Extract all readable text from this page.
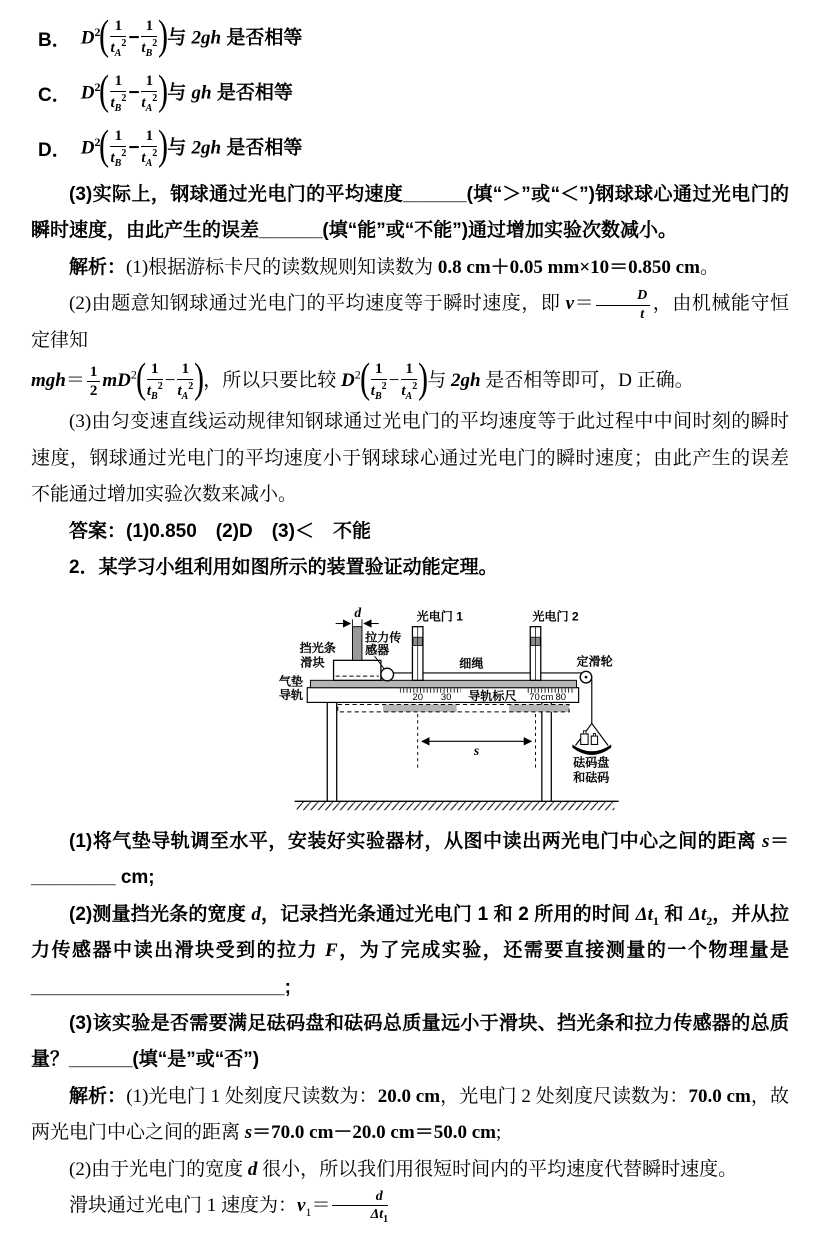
B． $D^2( \frac{1}{t_A^2} - \frac{1}{t_B^2}$ )与 2gh 是否相等
C． $D^2( \frac{1}{t_B^2} - \frac{1}{t_A^2}$ )与 gh 是否相等
D． $D^2( \frac{1}{t_B^2} - \frac{1}{t_A^2}$ )与 2gh 是否相等

(3)实际上，钢球通过光电门的平均速度______(填“＞”或“＜”)钢球球心通过光电门的瞬时速度，由此产生的误差______(填“能”或“不能”)通过增加实验次数减小。

解析：(1)根据游标卡尺的读数规则知读数为 0.8 cm＋0.05 mm×10＝0.850 cm。

(2)由题意知钢球通过光电门的平均速度等于瞬时速度，即 $v= \frac{D}{t}$ ，由机械能守恒定律知

$mgh= \frac{1}{2} mD^2( \frac{1}{t_B^2} - \frac{1}{t_A^2}$ )，所以只要比较 $D^2( \frac{1}{t_B^2} - \frac{1}{t_A^2}$ )与 2gh 是否相等即可，D 正确。

(3)由匀变速直线运动规律知钢球通过光电门的平均速度等于此过程中中间时刻的瞬时速度，钢球通过光电门的平均速度小于钢球球心通过光电门的瞬时速度；由此产生的误差不能通过增加实验次数来减小。

答案：(1)0.850　(2)D　(3)＜　不能

2．某学习小组利用如图所示的装置验证动能定理。

20 30 导轨标尺 70 cm 80
d
拉力传
感器
细绳	定滑轮
光电门 1	光电门 2
挡光条
滑块
气垫
导轨
s
砝码盘
和砝码

(1)将气垫导轨调至水平，安装好实验器材，从图中读出两光电门中心之间的距离 s＝________ cm;

(2)测量挡光条的宽度 d，记录挡光条通过光电门 1 和 2 所用的时间 $\Delta t_1$ 和 $\Delta t_2$，并从拉力传感器中读出滑块受到的拉力 F，为了完成实验，还需要直接测量的一个物理量是________________________;

(3)该实验是否需要满足砝码盘和砝码总质量远小于滑块、挡光条和拉力传感器的总质量？______(填“是”或“否”)

解析：(1)光电门 1 处刻度尺读数为：20.0 cm，光电门 2 处刻度尺读数为：70.0 cm，故两光电门中心之间的距离 s＝70.0 cm－20.0 cm＝50.0 cm;

(2)由于光电门的宽度 d 很小，所以我们用很短时间内的平均速度代替瞬时速度。

滑块通过光电门 1 速度为：$v_1= \frac{d}{\Delta t_1}$
